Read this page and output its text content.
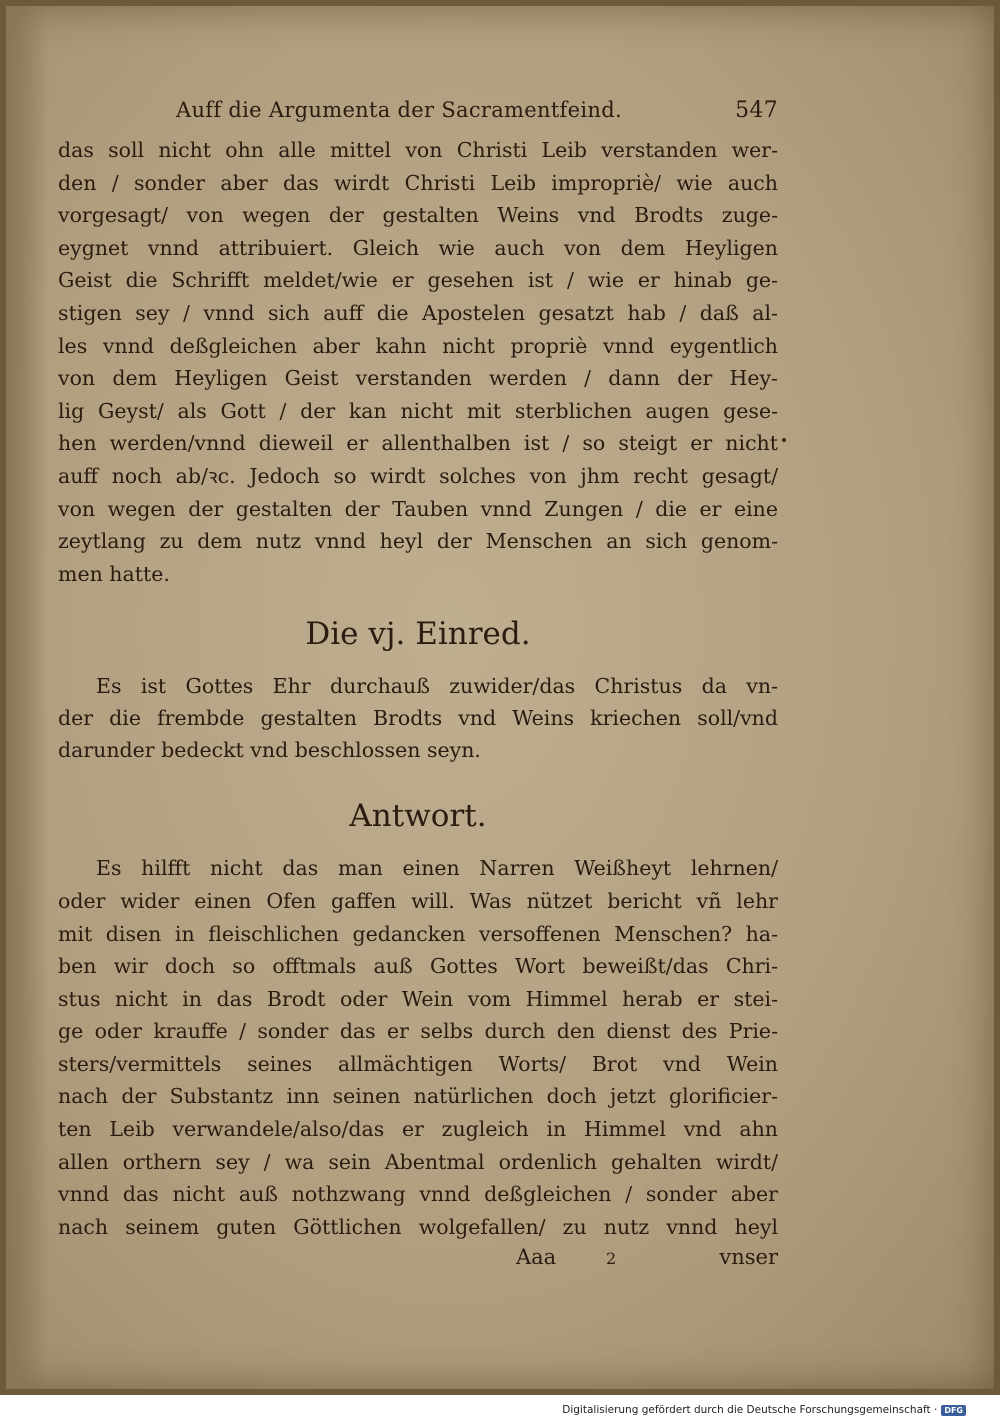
Auff die Argumenta der Sacramentfeind.	547
das soll nicht ohn alle mittel von Christi Leib verstanden wer-
den / sonder aber das wirdt Christi Leib impropriè/ wie auch
vorgesagt/ von wegen der gestalten Weins vnd Brodts zuge-
eygnet vnnd attribuiert. Gleich wie auch von dem Heyligen
Geist die Schrifft meldet/wie er gesehen ist / wie er hinab ge-
stigen sey / vnnd sich auff die Apostelen gesatzt hab / daß al-
les vnnd deßgleichen aber kahn nicht propriè vnnd eygentlich
von dem Heyligen Geist verstanden werden / dann der Hey-
lig Geyst/ als Gott / der kan nicht mit sterblichen augen gese-
hen werden/vnnd dieweil er allenthalben ist / so steigt er nicht
auff noch ab/ꝛc. Jedoch so wirdt solches von jhm recht gesagt/
von wegen der gestalten der Tauben vnnd Zungen / die er eine
zeytlang zu dem nutz vnnd heyl der Menschen an sich genom-
men hatte.
Die vj. Einred.
Es ist Gottes Ehr durchauß zuwider/das Christus da vn-
der die frembde gestalten Brodts vnd Weins kriechen soll/vnd
darunder bedeckt vnd beschlossen seyn.
Antwort.
Es hilfft nicht das man einen Narren Weißheyt lehrnen/
oder wider einen Ofen gaffen will. Was nützet bericht vñ lehr
mit disen in fleischlichen gedancken versoffenen Menschen? ha-
ben wir doch so offtmals auß Gottes Wort beweißt/das Chri-
stus nicht in das Brodt oder Wein vom Himmel herab er stei-
ge oder krauffe / sonder das er selbs durch den dienst des Prie-
sters/vermittels seines allmächtigen Worts/ Brot vnd Wein
nach der Substantz inn seinen natürlichen doch jetzt glorificier-
ten Leib verwandele/also/das er zugleich in Himmel vnd ahn
allen orthern sey / wa sein Abentmal ordenlich gehalten wirdt/
vnnd das nicht auß nothzwang vnnd deßgleichen / sonder aber
nach seinem guten Göttlichen wolgefallen/ zu nutz vnnd heyl
Aaa	2	vnser
Digitalisierung gefördert durch die Deutsche Forschungsgemeinschaft · DFG
